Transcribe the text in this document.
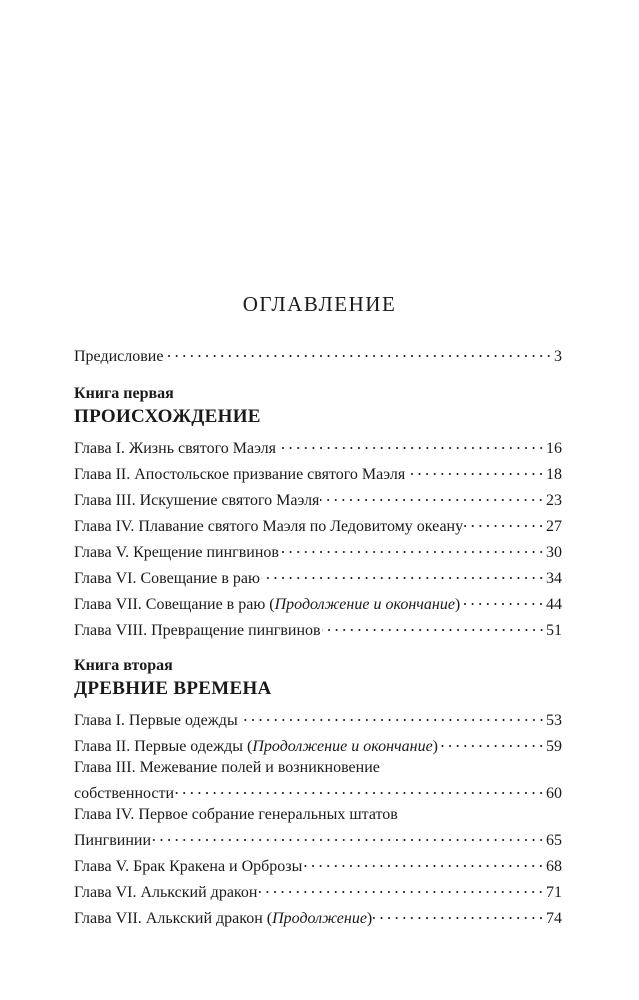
ОГЛАВЛЕНИЕ
Предисловие	3
Книга первая
ПРОИСХОЖДЕНИЕ
Глава I. Жизнь святого Маэля	16
Глава II. Апостольское призвание святого Маэля	18
Глава III. Искушение святого Маэля	23
Глава IV. Плавание святого Маэля по Ледовитому океану	27
Глава V. Крещение пингвинов	30
Глава VI. Совещание в раю	34
Глава VII. Совещание в раю (Продолжение и окончание)	44
Глава VIII. Превращение пингвинов	51
Книга вторая
ДРЕВНИЕ ВРЕМЕНА
Глава I. Первые одежды	53
Глава II. Первые одежды (Продолжение и окончание)	59
Глава III. Межевание полей и возникновение
собственности	60
Глава IV. Первое собрание генеральных штатов
Пингвинии	65
Глава V. Брак Кракена и Орброзы	68
Глава VI. Алькский дракон	71
Глава VII. Алькский дракон (Продолжение)	74
